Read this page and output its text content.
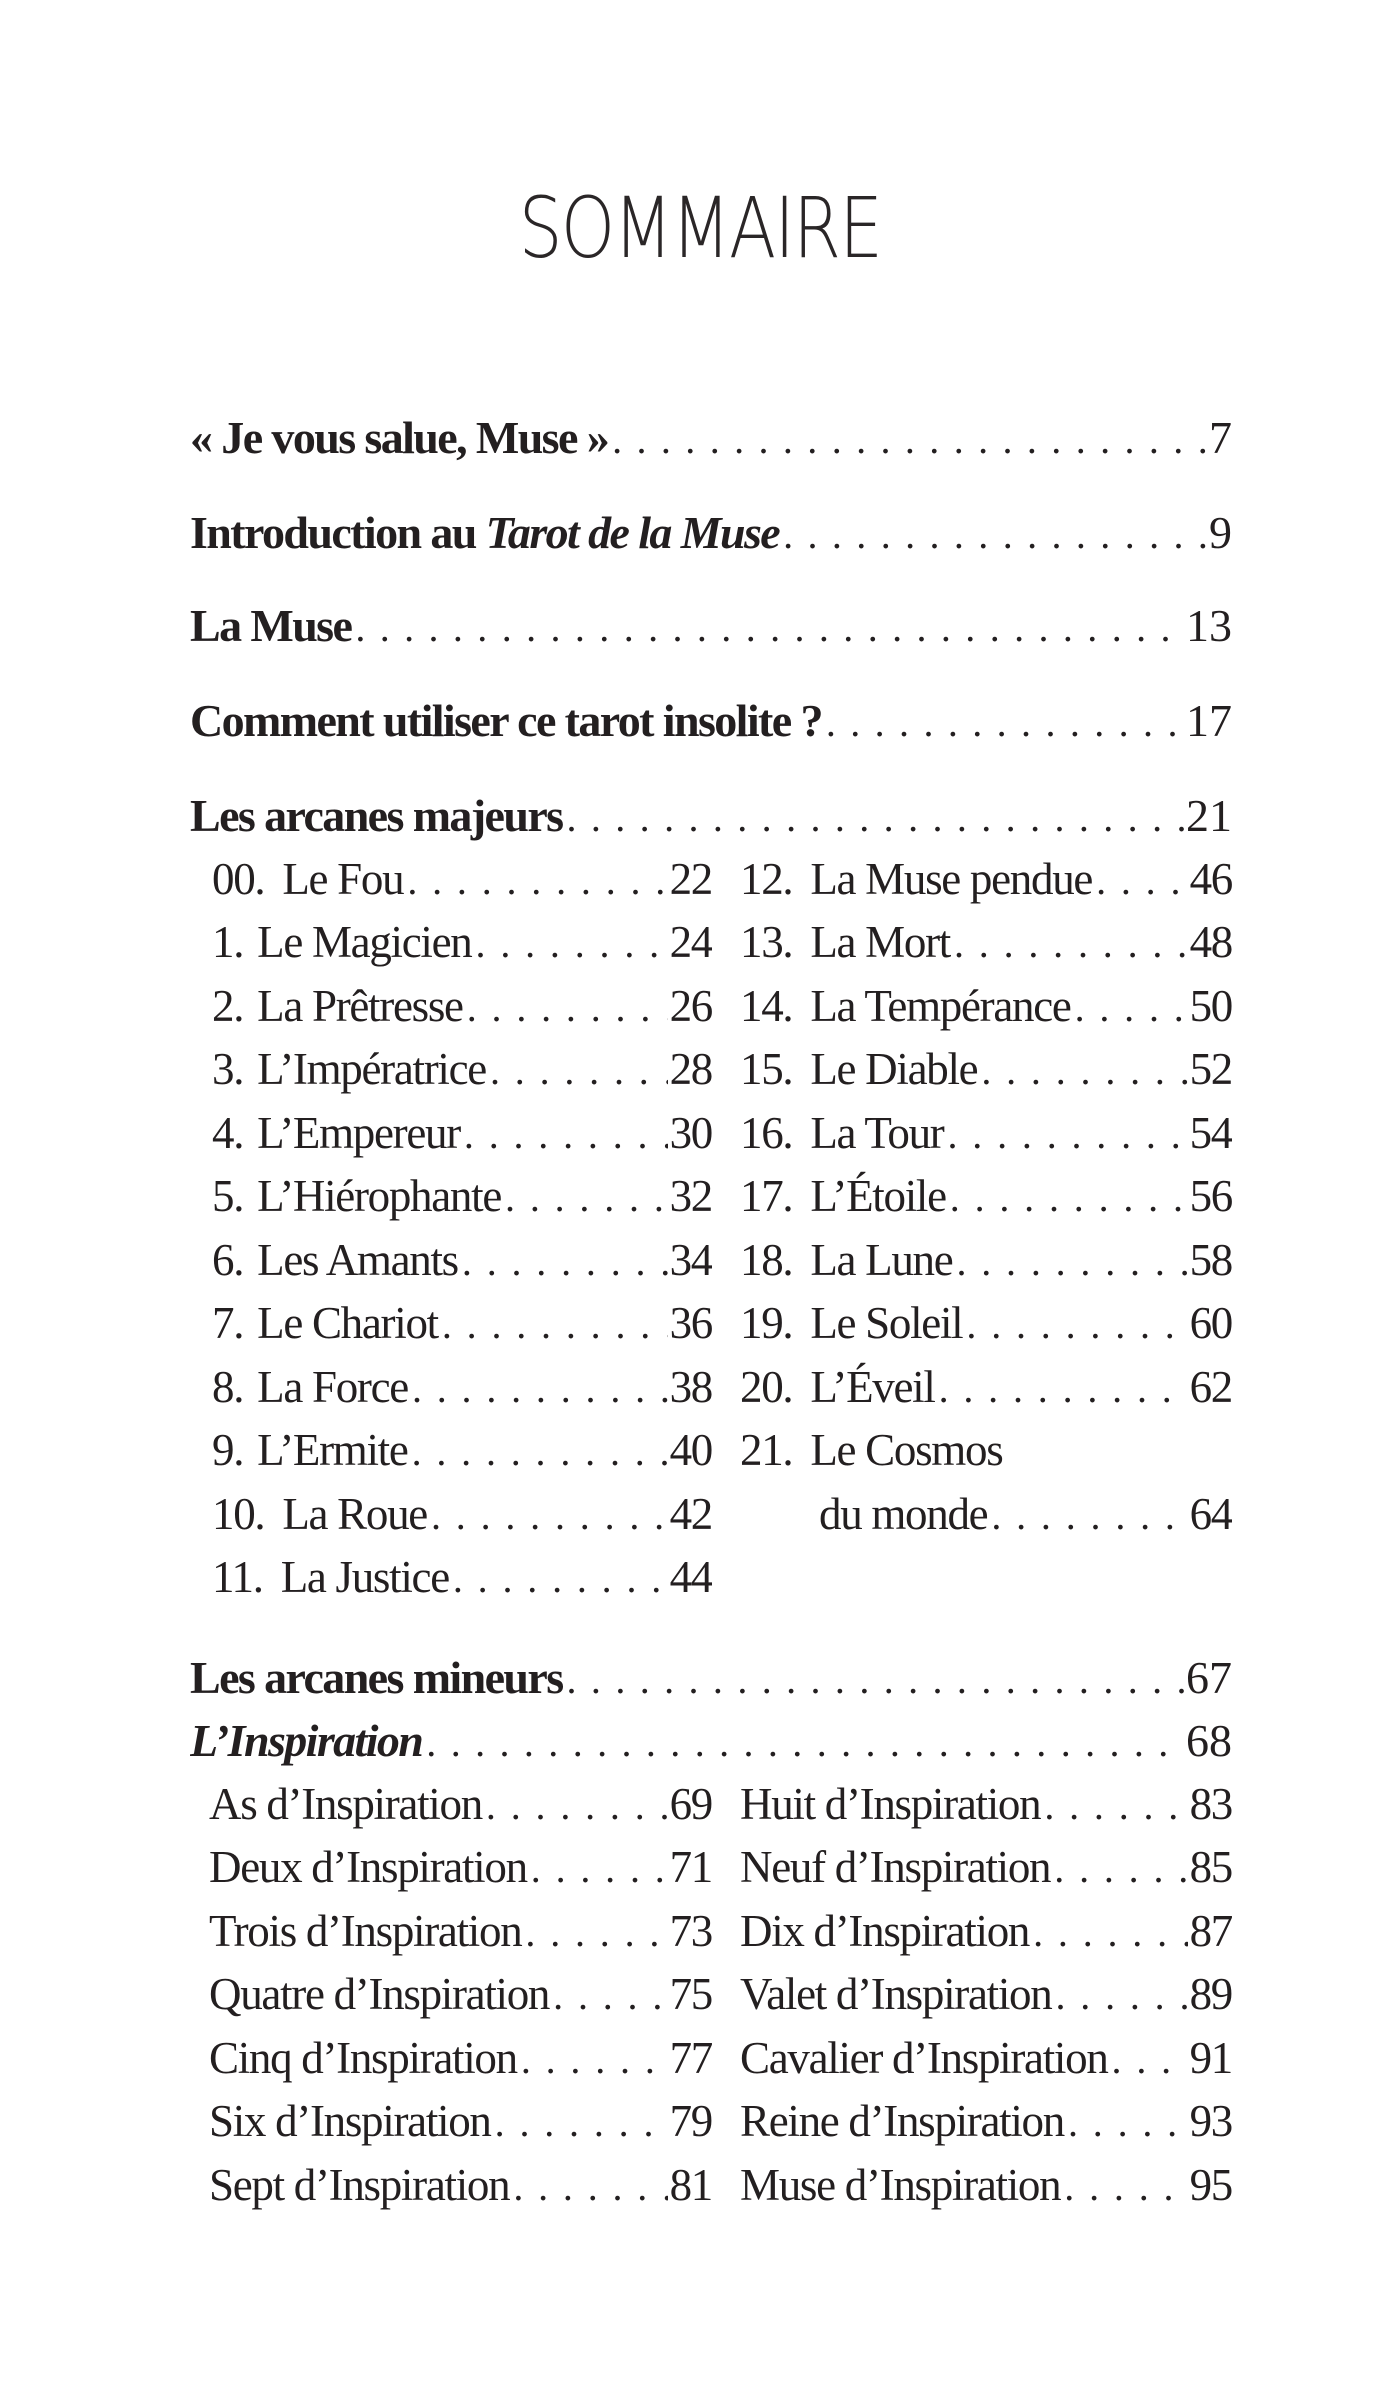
SOMMAIRE
« Je vous salue, Muse » . . .	7
Introduction au Tarot de la Muse . . .	9
La Muse . . .	13
Comment utiliser ce tarot insolite ? . . .	17
Les arcanes majeurs . . .	21
00. Le Fou . . .	22
1. Le Magicien . . .	24
2. La Prêtresse . . .	26
3. L’Impératrice . . .	28
4. L’Empereur . . .	30
5. L’Hiérophante . . .	32
6. Les Amants . . .	34
7. Le Chariot . . .	36
8. La Force . . .	38
9. L’Ermite . . .	40
10. La Roue . . .	42
11. La Justice . . .	44
12. La Muse pendue . . . 46
13. La Mort . . .	48
14. La Tempérance . . .	50
15. Le Diable . . .	52
16. La Tour . . .	54
17. L’Étoile . . .	56
18. La Lune . . .	58
19. Le Soleil . . .	60
20. L’Éveil . . .	62
21. Le Cosmos
du monde . . .	64
Les arcanes mineurs . . .	67
L’Inspiration . . .	68
As d’Inspiration . . .	69
Deux d’Inspiration . . .	71
Trois d’Inspiration . . .	73
Quatre d’Inspiration . . .	75
Cinq d’Inspiration . . .	77
Six d’Inspiration . . .	79
Sept d’Inspiration . . .	81
Huit d’Inspiration . . .	83
Neuf d’Inspiration . . .	85
Dix d’Inspiration . . .	87
Valet d’Inspiration . . .	89
Cavalier d’Inspiration . . . 91
Reine d’Inspiration . . .	93
Muse d’Inspiration . . .	95
